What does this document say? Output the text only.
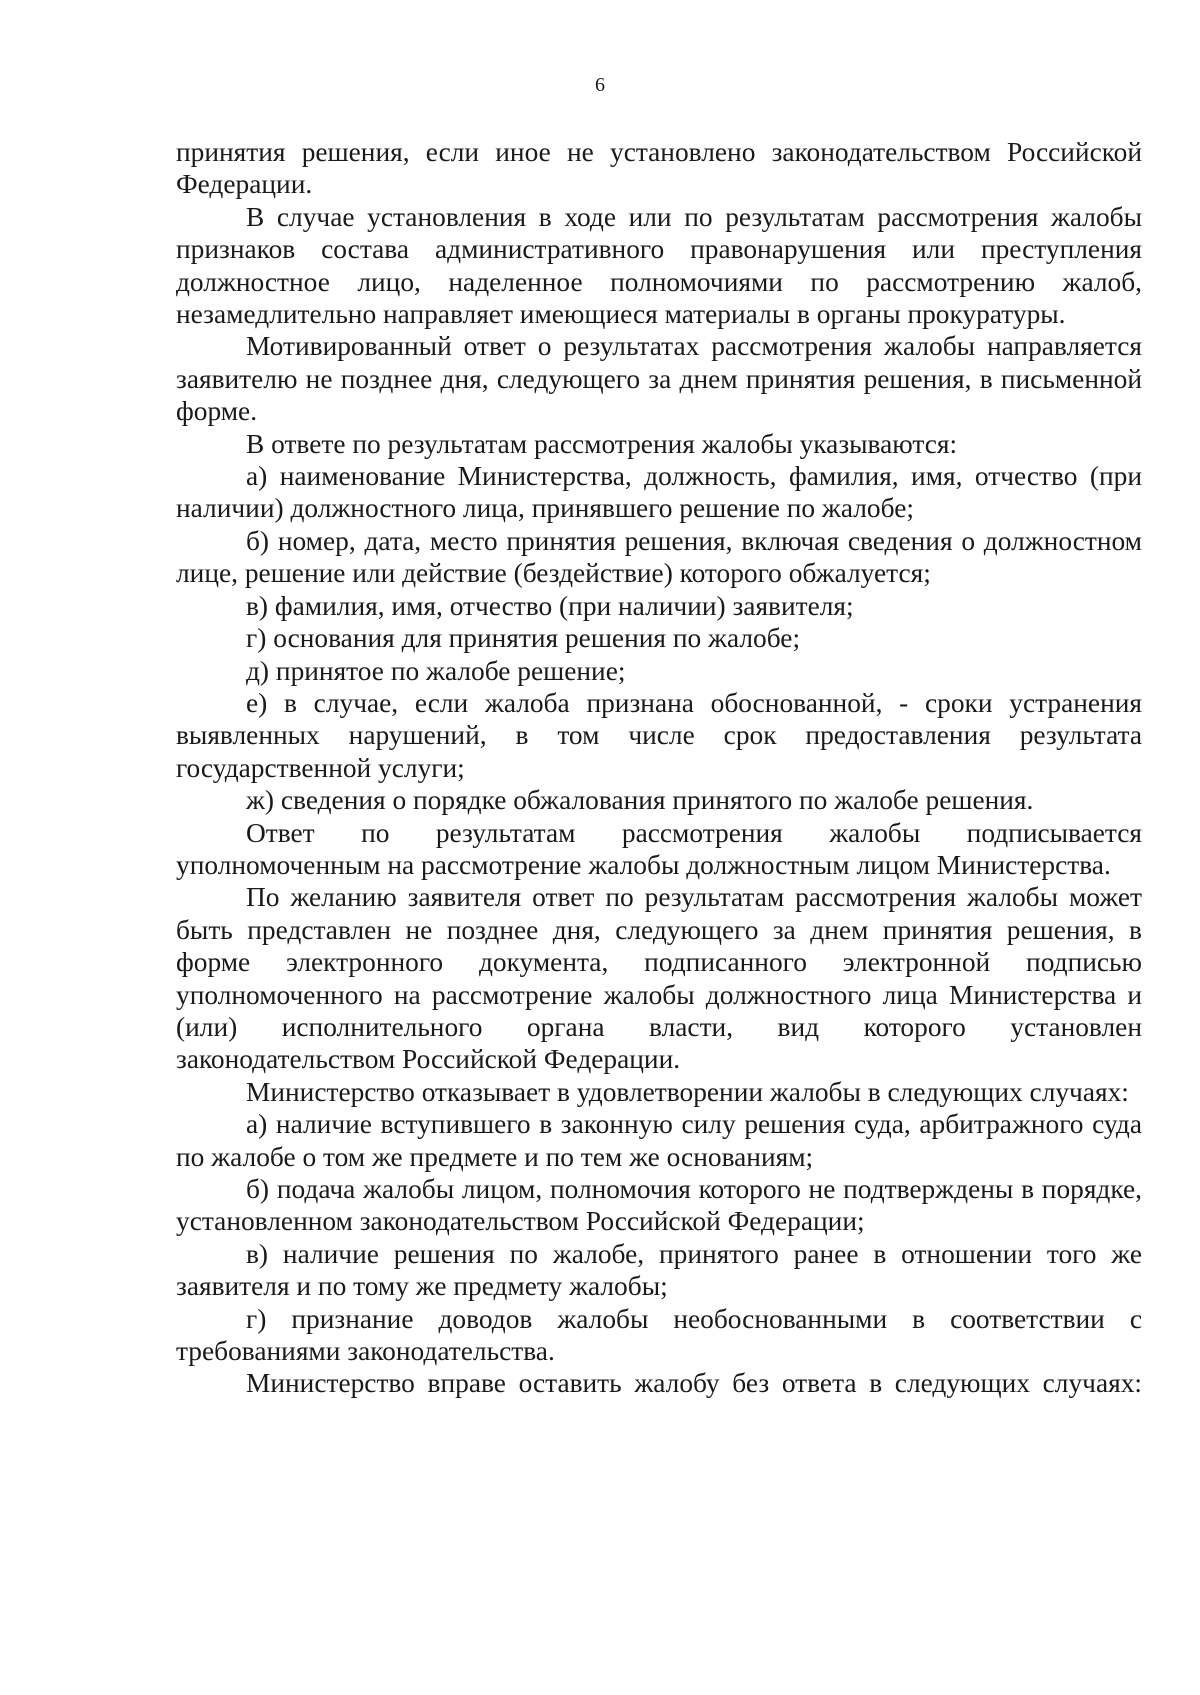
6

принятия решения, если иное не установлено законодательством Российской Федерации.

В случае установления в ходе или по результатам рассмотрения жалобы признаков состава административного правонарушения или преступления должностное лицо, наделенное полномочиями по рассмотрению жалоб, незамедлительно направляет имеющиеся материалы в органы прокуратуры.

Мотивированный ответ о результатах рассмотрения жалобы направляется заявителю не позднее дня, следующего за днем принятия решения, в письменной форме.

В ответе по результатам рассмотрения жалобы указываются:

а) наименование Министерства, должность, фамилия, имя, отчество (при наличии) должностного лица, принявшего решение по жалобе;

б) номер, дата, место принятия решения, включая сведения о должностном лице, решение или действие (бездействие) которого обжалуется;

в) фамилия, имя, отчество (при наличии) заявителя;

г) основания для принятия решения по жалобе;

д) принятое по жалобе решение;

е) в случае, если жалоба признана обоснованной, - сроки устранения выявленных нарушений, в том числе срок предоставления результата государственной услуги;

ж) сведения о порядке обжалования принятого по жалобе решения.

Ответ по результатам рассмотрения жалобы подписывается уполномоченным на рассмотрение жалобы должностным лицом Министерства.

По желанию заявителя ответ по результатам рассмотрения жалобы может быть представлен не позднее дня, следующего за днем принятия решения, в форме электронного документа, подписанного электронной подписью уполномоченного на рассмотрение жалобы должностного лица Министерства и (или) исполнительного органа власти, вид которого установлен законодательством Российской Федерации.

Министерство отказывает в удовлетворении жалобы в следующих случаях:

а) наличие вступившего в законную силу решения суда, арбитражного суда по жалобе о том же предмете и по тем же основаниям;

б) подача жалобы лицом, полномочия которого не подтверждены в порядке, установленном законодательством Российской Федерации;

в) наличие решения по жалобе, принятого ранее в отношении того же заявителя и по тому же предмету жалобы;

г) признание доводов жалобы необоснованными в соответствии с требованиями законодательства.

Министерство вправе оставить жалобу без ответа в следующих случаях:
